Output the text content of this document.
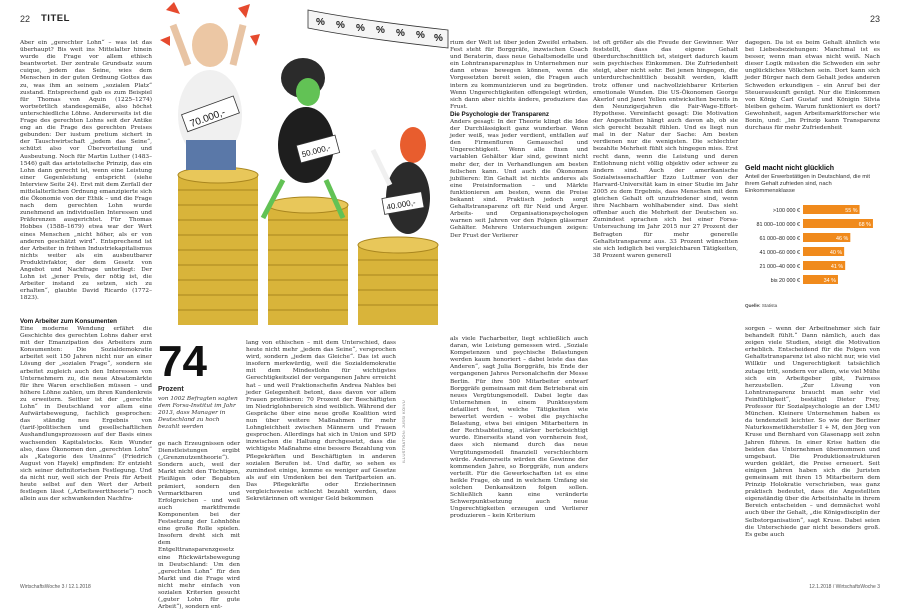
22 TITEL

Aber ein „gerechter Lohn“ – was ist das überhaupt? Bis weit ins Mittelalter hinein wurde die Frage vor allem ethisch beantwortet. Der zentrale Grundsatz suum cuique, jedem das Seine, wies dem Menschen in der guten Ordnung Gottes das zu, was ihm an seinem „sozialen Platz“ zustand. Entsprechend gab es zum Beispiel für Thomas von Aquin (1225–1274) wortwörtlich standesgemäße, also höchst unterschiedliche Löhne. Andererseits ist die Frage des gerechten Lohns seit der Antike eng an die Frage des gerechten Preises gebunden: Der iustum pretium sichert in der Tauschwirtschaft „jedem das Seine“, schützt also vor Übervorteilung und Ausbeutung. Noch für Martin Luther (1483–1546) galt das aristotelische Prinzip, das ein Lohn dann gerecht ist, wenn eine Leistung einer Gegenleistung entspricht (siehe Interview Seite 24). Erst mit dem Zerfall der mittelalterlichen Ordnung emanzipierte sich die Ökonomie von der Ethik – und die Frage nach dem gerechten Lohn wurde zunehmend an individuellen Interessen und Präferenzen ausgerichtet. Für Thomas Hobbes (1588–1679) etwa war der Wert eines Menschen „nicht höher, als er von anderen geschätzt wird“. Entsprechend ist der Arbeiter in frühen Industriekapitalismus nichts weiter als ein ausbeutbarer Produktivfaktor, der dem Gesetz von Angebot und Nachfrage unterliegt: Der Lohn ist „jener Preis, der nötig ist, die Arbeiter instand zu setzen, sich zu erhalten“, glaubte David Ricardo (1772–1823).

Vom Arbeiter zum Konsumenten

Eine moderne Wendung erfährt die Geschichte des gerechten Lohns daher erst mit der Emanzipation des Arbeiters zum Konsumenten: Die Sozialdemokratie arbeitet seit 150 Jahren nicht nur an einer Lösung der „sozialen Frage“, sondern sie arbeitet zugleich auch den Interessen von Unternehmern zu, die neue Absatzmärkte für ihre Waren erschließen müssen – und höhere Löhne zahlen, um ihren Kundenkreis zu erweitern. Seither ist der „gerechte Lohn“ in Deutschland vor allem eine Aufwärtsbewegung, fachlich gesprochen: das ständig neu Ergebnis von (tarif-)politischen und gesellschaftlichen Aushandlungsprozessen auf der Basis eines wachsenden Kapitalstocks. Kein Wunder also, dass Ökonomen den „gerechten Lohn“ als „Kategorie des Unsinns“ (Friedrich August von Hayek) empfinden: Er entzieht sich seiner definitorischen Festlegung. Und da nicht nur, weil sich der Preis für Arbeit heute selbst auf den Wert der Arbeit festlegen lässt („Arbeitswerttheorie“) noch allein aus der schwankenden Nachfra-

% % % % % % %
70.000,-
50.000,-
40.000,-
74
Prozent
von 1002 Befragten sagten dem Forsa-Institut im Jahr 2013, dass Manager in Deutschland zu hoch bezahlt werden

ge nach Erzeugnissen oder Dienstleistungen ergibt („Grenznutzentheorie“). Sondern auch, weil der Markt nicht den Tüchtigen, Fleißigen oder Begabten prämiert, sondern den Vermarktbaren und Erfolgreichen – und weil auch marktfremde Komponenten bei der Festsetzung der Lohnhöhe eine große Rolle spielen. Insofern dreht sich mit dem Entgelttransparenzgesetz eine Rückwärtsbewegung in Deutschland: Um den „gerechten Lohn“ für den Markt und die Frage wird nicht mehr einfach von sozialen Kriterien gesucht („guter Lohn für gute Arbeit“), sondern ent-

lang von ethischen – mit dem Unterschied, dass heute nicht mehr „jedem das Seine“, versprochen wird, sondern „jedem das Gleiche“. Das ist auch insofern merkwürdig, weil die Sozialdemokratie mit dem Mindestlohn für wichtigstes Gerechtigkeitsziel der vergangenen Jahre erreicht hat – und weil Fraktionschefin Andrea Nahles bei jeder Gelegenheit betont, dass davon vor allem Frauen profitieren: 70 Prozent der Beschäftigten im Niedriglohnbereich sind weiblich. Während der Gespräche über eine neue große Koalition wird nun über weitere Maßnahmen für mehr Lohngleichheit zwischen Männern und Frauen gesprochen. Allerdings hat sich in Union und SPD inzwischen die Haltung durchgesetzt, dass die wichtigste Maßnahme eine bessere Bezahlung von Pflegekräften und Beschäftigten in anderen sozialen Berufen ist. Und dafür, so sehen es zumindest einige, komme es weniger auf Gesetze als auf ein Umdenken bei den Tarifparteien an. Das Pflegekräfte oder Erzieherinnen vergleichsweise schlecht bezahlt werden, dass Sekretärinnen oft weniger Geld bekommen

ILLUSTRATION: JUSSI KOIVU
WirtschaftsWoche 3 / 12.1.2018
23

als viele Facharbeiter, liegt schließlich auch daran, wie Leistung gemessen wird. „Soziale Kompetenzen und psychische Belastungen werden kaum honoriert – dabei leiste das das Anderen“, sagt Julia Borggräfe, bis Ende der vergangenen Jahres Personalchefin der Messe Berlin. Für ihre 500 Mitarbeiter entwarf Borggräfe gemeinsam mit dem Betriebsrat ein neues Vergütungsmodell. Dabei legte das Unternehmen in einem Punktesystem detailliert fest, welche Tätigkeiten wie bewertet werden – wobei die psychische Belastung, etwa bei einigen Mitarbeitern in der Rechtsabteilung, stärker berücksichtigt wurde. Einerseits stand von vornherein fest, dass sich niemand durch das neue Vergütungsmodell finanziell verschlechtern würde. Andererseits würden die Gewinne der kommenden Jahre, so Borggräfe, nun anders verteilt. Für die Gewerkschaften ist es eine heikle Frage, ob und in welchem Umfang sie solchen Denkansätzen folgen sollen. Schließlich kann eine veränderte Schwerpunktsetzung auch neue Ungerechtigkeiten erzeugen und Verlierer produzieren – kein Kriterium

rium der Welt ist über jeden Zweifel erhaben. Fest steht für Borggräfe, inzwischen Coach und Beraterin, dass neue Gehaltsmodelle und ein Lohntransparenzplus in Unternehmen nur dann etwas bewegen können, wenn die Vorgesetzten bereit seien, die Fragen auch intern zu kommunizieren und zu begründen. Wenn Ungerechtigkeiten offengelegt würden, sich dann aber nichts ändere, produziere das Frust.

Die Psychologie der Transparenz

Anders gesagt: In der Theorie klingt die Idee der Durchlässigkeit ganz wunderbar. Wenn jeder weiß, was jeder verdient, entfallen auf den Firmenfluren Gemauschel und Ungerechtigkeit. Wenn alle fixen und variablen Gehälter klar sind, gewinnt nicht mehr der, der in Verhandlungen am besten feilschen kann. Und auch die Ökonomen jubilieren: Ein Gehalt ist nichts anderes als eine Preisinformation – und Märkte funktionieren am besten, wenn die Preise bekannt sind. Praktisch jedoch sorgt Gehaltstransparenz oft für Neid und Ärger. Arbeits- und Organisationspsychologen warnen seit Jahren vor den Folgen gläserner Gehälter. Mehrere Untersuchungen zeigen: Der Frust der Verlierer

ist oft größer als die Freude der Gewinner. Wer feststellt, dass das eigene Gehalt überdurchschnittlich ist, steigert dadurch kaum sein psychisches Einkommen. Die Zufriedenheit steigt, aber nicht sehr. Bei jenen hingegen, die unterdurchschnittlich bezahlt werden, klafft trotz offener und nachvollziehbarer Kriterien emotionale Wunden. Die US-Ökonomen George Akerlof und Janet Yellen entwickelten bereits in den Neunzigerjahren die Fair-Wage-Effort-Hypothese. Vereinfacht gesagt: Die Motivation der Angestellten hängt auch davon ab, ob sie sich gerecht bezahlt fühlen. Und es liegt nun mal in der Natur der Sache: Am besten verdienen nur die wenigsten. Die schlechter bezahlte Mehrheit fühlt sich hingegen mies. Erst recht dann, wenn die Leistung und deren Entlohnung nicht völlig objektiv oder schwer zu ändern sind. Auch der amerikanische Sozialwissenschaftler Ezzo Luttmer von der Harvard-Universität kam in einer Studie im Jahr 2005 zu dem Ergebnis, dass Menschen mit dem gleichen Gehalt oft unzufriedener sind, wenn ihre Nachbarn wohlhabender sind. Das sieht offenbar auch die Mehrheit der Deutschen so. Zumindest sprachen sich bei einer Forsa-Untersuchung im Jahr 2015 nur 27 Prozent der Befragten für mehr generelle Gehaltstransparenz aus. 33 Prozent wünschten sie sich lediglich bei vergleichbaren Tätigkeiten, 38 Prozent waren generell

dagegen. Da ist es beim Gehalt ähnlich wie bei Liebesbeziehungen: Manchmal ist es besser, wenn man etwas nicht weiß. Nach dieser Logik müssten die Schweden ein sehr unglückliches Völkchen sein. Dort kann sich jeder Bürger nach dem Gehalt jedes anderen Schweden erkundigen – ein Anruf bei der Steuerauskunft genügt. Nur die Einkommen von König Carl Gustaf und Königin Silvia bleiben geheim. Warum funktioniert es dort? Gewohnheit, sagen Arbeitsmarktforscher wie Bonin, und: „Im Prinzip kann Transparenz durchaus für mehr Zufriedenheit

Geld macht nicht glücklich
Anteil der Erwerbstätigen in Deutschland, die mit ihrem Gehalt zufrieden sind, nach Einkommensklasse
>100 000 €	55 %
81 000–100 000 €	68 %
61 000–80 000 €	46 %
41 000–60 000 €	40 %
21 000–40 000 €	41 %
bis 20 000 €	34 %
Quelle: Statista

sorgen – wenn der Arbeitnehmer sich fair behandelt fühlt.“ Dann nämlich, auch das zeigen viele Studien, steigt die Motivation erheblich. Entscheidend für die Folgen von Gehaltstransparenz ist also nicht nur, wie viel Willkür und Ungerechtigkeit tatsächlich zutage tritt, sondern vor allem, wie viel Mühe sich ein Arbeitgeber gibt, Fairness herzustellen. „Zur Lösung von Lohntransparenz braucht man sehr viel Feinfühligkeit“, bestätigt Dieter Frey, Professor für Sozialpsychologie an der LMU München. Kleinere Unternehmen haben es da tendenziell leichter. So wie der Berliner Naturkosmetikhersteller I + M, den Jörg von Kruse und Bernhard von Glasenapp seit zehn Jahren führen. In einer Krise hatten die beiden das Unternehmen übernommen und umgebaut. Die Produktionsstrukturen wurden geklärt, die Preise erneuert. Seit einigen Jahren haben sich die Juristen gemeinsam mit ihren 15 Mitarbeitern dem Prinzip Holokratie verschrieben, was ganz praktisch bedeutet, dass die Angestellten eigenständig über die Arbeitsinhalte in ihrem Bereich entscheiden – und demnächst wohl auch über ihr Gehalt, „die Königsdisziplin der Selbstorganisation“, sagt Kruse. Dabei seien die Unterschiede gar nicht besonders groß. Es gebe auch

12.1.2018 / WirtschaftsWoche 3
